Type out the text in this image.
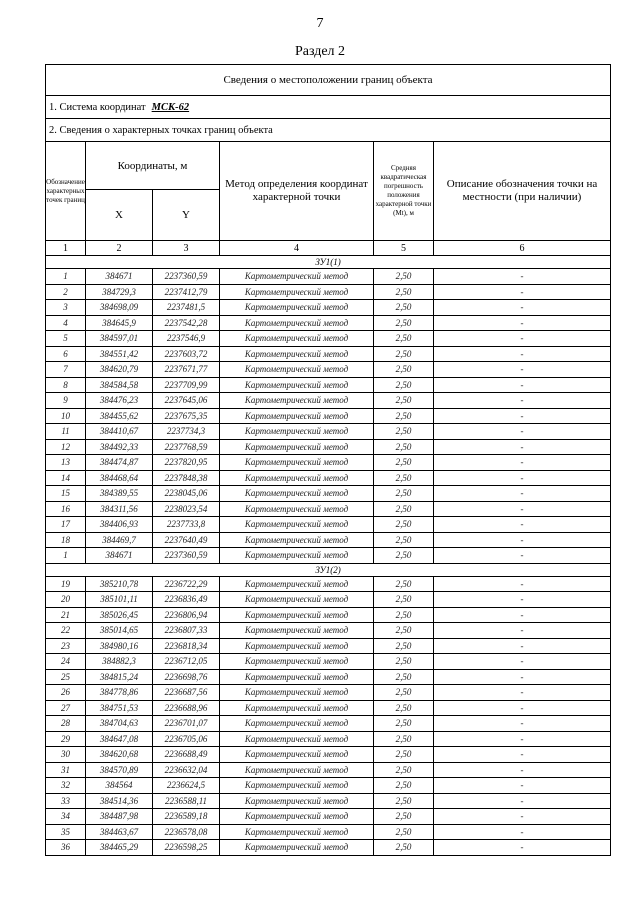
7
Раздел 2
Сведения о местоположении границ объекта					
1. Система координат МСК-62					
2. Сведения о характерных точках границ объекта					
Обозначение характерных точек границ	Координаты, м		Метод определения координат характерной точки	Средняя квадратическая погрешность положения характерной точки (Mt), м	Описание обозначения точки на местности (при наличии)
	X	Y			
1	2	3	4	5	6
ЗУ1(1)					
1	384671	2237360,59	Картометрический метод	2,50	-
2	384729,3	2237412,79	Картометрический метод	2,50	-
3	384698,09	2237481,5	Картометрический метод	2,50	-
4	384645,9	2237542,28	Картометрический метод	2,50	-
5	384597,01	2237546,9	Картометрический метод	2,50	-
6	384551,42	2237603,72	Картометрический метод	2,50	-
7	384620,79	2237671,77	Картометрический метод	2,50	-
8	384584,58	2237709,99	Картометрический метод	2,50	-
9	384476,23	2237645,06	Картометрический метод	2,50	-
10	384455,62	2237675,35	Картометрический метод	2,50	-
11	384410,67	2237734,3	Картометрический метод	2,50	-
12	384492,33	2237768,59	Картометрический метод	2,50	-
13	384474,87	2237820,95	Картометрический метод	2,50	-
14	384468,64	2237848,38	Картометрический метод	2,50	-
15	384389,55	2238045,06	Картометрический метод	2,50	-
16	384311,56	2238023,54	Картометрический метод	2,50	-
17	384406,93	2237733,8	Картометрический метод	2,50	-
18	384469,7	2237640,49	Картометрический метод	2,50	-
1	384671	2237360,59	Картометрический метод	2,50	-
ЗУ1(2)					
19	385210,78	2236722,29	Картометрический метод	2,50	-
20	385101,11	2236836,49	Картометрический метод	2,50	-
21	385026,45	2236806,94	Картометрический метод	2,50	-
22	385014,65	2236807,33	Картометрический метод	2,50	-
23	384980,16	2236818,34	Картометрический метод	2,50	-
24	384882,3	2236712,05	Картометрический метод	2,50	-
25	384815,24	2236698,76	Картометрический метод	2,50	-
26	384778,86	2236687,56	Картометрический метод	2,50	-
27	384751,53	2236688,96	Картометрический метод	2,50	-
28	384704,63	2236701,07	Картометрический метод	2,50	-
29	384647,08	2236705,06	Картометрический метод	2,50	-
30	384620,68	2236688,49	Картометрический метод	2,50	-
31	384570,89	2236632,04	Картометрический метод	2,50	-
32	384564	2236624,5	Картометрический метод	2,50	-
33	384514,36	2236588,11	Картометрический метод	2,50	-
34	384487,98	2236589,18	Картометрический метод	2,50	-
35	384463,67	2236578,08	Картометрический метод	2,50	-
36	384465,29	2236598,25	Картометрический метод	2,50	-
